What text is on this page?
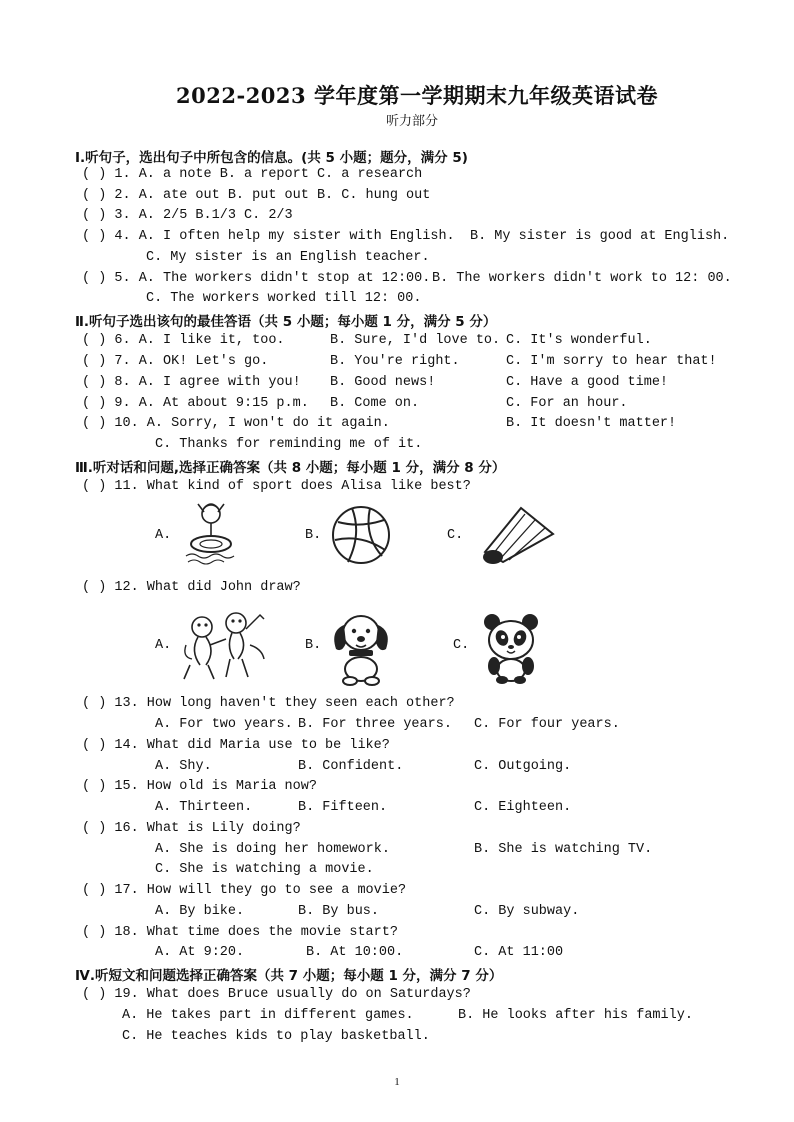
2022-2023 学年度第一学期期末九年级英语试卷
听力部分
I.听句子，选出句子中所包含的信息。(共 5 小题；题分，满分 5)
( ) 1. A. a note B. a report C. a research
( ) 2. A. ate out B. put out B. C. hung out
( ) 3. A. 2/5 B.1/3 C. 2/3
( ) 4. A. I often help my sister with English. B. My sister is good at English.
C. My sister is an English teacher.
( ) 5. A. The workers didn't stop at 12:00. B. The workers didn't work to 12: 00.
C. The workers worked till 12: 00.
Ⅱ.听句子选出该句的最佳答语（共 5 小题；每小题 1 分，满分 5 分）
( ) 6. A. I like it, too.	B. Sure, I'd love to. C. It's wonderful.
( ) 7. A. OK! Let's go.	B. You're right.	C. I'm sorry to hear that!
( ) 8. A. I agree with you! B. Good news!	C. Have a good time!
( ) 9. A. At about 9:15 p.m. B. Come on.	C. For an hour.
( ) 10. A. Sorry, I won't do it again.	B. It doesn't matter!
C. Thanks for reminding me of it.
Ⅲ.听对话和问题,选择正确答案（共 8 小题；每小题 1 分，满分 8 分）
( ) 11. What kind of sport does Alisa like best?
A.	B.	C.
( ) 12. What did John draw?
A.	B.	C.
( ) 13. How long haven't they seen each other?
A. For two years. B. For three years. C. For four years.
( ) 14. What did Maria use to be like?
A. Shy.	B. Confident.	C. Outgoing.
( ) 15. How old is Maria now?
A. Thirteen.	B. Fifteen.	C. Eighteen.
( ) 16. What is Lily doing?
A. She is doing her homework.	B. She is watching TV.
C. She is watching a movie.
( ) 17. How will they go to see a movie?
A. By bike.	B. By bus.	C. By subway.
( ) 18. What time does the movie start?
A. At 9:20.	B. At 10:00.	C. At 11:00
Ⅳ.听短文和问题选择正确答案（共 7 小题；每小题 1 分，满分 7 分）
( ) 19. What does Bruce usually do on Saturdays?
A. He takes part in different games.	B. He looks after his family.
C. He teaches kids to play basketball.
1
